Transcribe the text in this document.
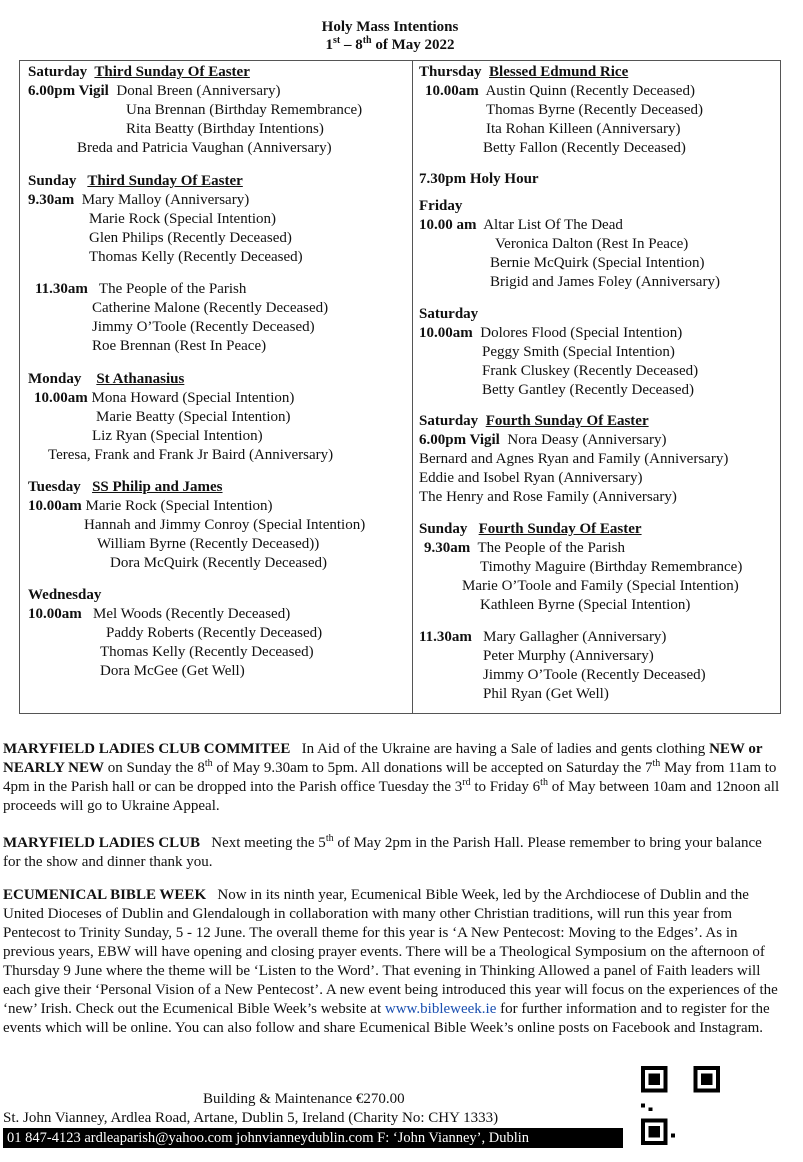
Holy Mass Intentions
1st – 8th of May 2022
Saturday Third Sunday Of Easter
6.00pm Vigil Donal Breen (Anniversary)
Una Brennan (Birthday Remembrance)
Rita Beatty (Birthday Intentions)
Breda and Patricia Vaughan (Anniversary)
Sunday Third Sunday Of Easter
9.30am Mary Malloy (Anniversary)
Marie Rock (Special Intention)
Glen Philips (Recently Deceased)
Thomas Kelly (Recently Deceased)
11.30am The People of the Parish
Catherine Malone (Recently Deceased)
Jimmy O’Toole (Recently Deceased)
Roe Brennan (Rest In Peace)
Monday St Athanasius
10.00am Mona Howard (Special Intention)
Marie Beatty (Special Intention)
Liz Ryan (Special Intention)
Teresa, Frank and Frank Jr Baird (Anniversary)
Tuesday SS Philip and James
10.00am Marie Rock (Special Intention)
Hannah and Jimmy Conroy (Special Intention)
William Byrne (Recently Deceased))
Dora McQuirk (Recently Deceased)
Wednesday
10.00am Mel Woods (Recently Deceased)
Paddy Roberts (Recently Deceased)
Thomas Kelly (Recently Deceased)
Dora McGee (Get Well)
Thursday Blessed Edmund Rice
10.00am Austin Quinn (Recently Deceased)
Thomas Byrne (Recently Deceased)
Ita Rohan Killeen (Anniversary)
Betty Fallon (Recently Deceased)
7.30pm Holy Hour
Friday
10.00 am Altar List Of The Dead
Veronica Dalton (Rest In Peace)
Bernie McQuirk (Special Intention)
Brigid and James Foley (Anniversary)
Saturday
10.00am Dolores Flood (Special Intention)
Peggy Smith (Special Intention)
Frank Cluskey (Recently Deceased)
Betty Gantley (Recently Deceased)
Saturday Fourth Sunday Of Easter
6.00pm Vigil Nora Deasy (Anniversary)
Bernard and Agnes Ryan and Family (Anniversary)
Eddie and Isobel Ryan (Anniversary)
The Henry and Rose Family (Anniversary)
Sunday Fourth Sunday Of Easter
9.30am The People of the Parish
Timothy Maguire (Birthday Remembrance)
Marie O’Toole and Family (Special Intention)
Kathleen Byrne (Special Intention)
11.30am Mary Gallagher (Anniversary)
Peter Murphy (Anniversary)
Jimmy O’Toole (Recently Deceased)
Phil Ryan (Get Well)
MARYFIELD LADIES CLUB COMMITEE   In Aid of the Ukraine are having a Sale of ladies and gents clothing NEW or NEARLY NEW on Sunday the 8th of May 9.30am to 5pm. All donations will be accepted on Saturday the 7th May from 11am to 4pm in the Parish hall or can be dropped into the Parish office Tuesday the 3rd to Friday 6th of May between 10am and 12noon all proceeds will go to Ukraine Appeal.
MARYFIELD LADIES CLUB   Next meeting the 5th of May 2pm in the Parish Hall. Please remember to bring your balance for the show and dinner thank you.
ECUMENICAL BIBLE WEEK   Now in its ninth year, Ecumenical Bible Week, led by the Archdiocese of Dublin and the United Dioceses of Dublin and Glendalough in collaboration with many other Christian traditions, will run this year from Pentecost to Trinity Sunday, 5 - 12 June. The overall theme for this year is ‘A New Pentecost: Moving to the Edges’. As in previous years, EBW will have opening and closing prayer events. There will be a Theological Symposium on the afternoon of Thursday 9 June where the theme will be ‘Listen to the Word’. That evening in Thinking Allowed a panel of Faith leaders will each give their ‘Personal Vision of a New Pentecost’. A new event being introduced this year will focus on the experiences of the ‘new’ Irish. Check out the Ecumenical Bible Week’s website at www.bibleweek.ie for further information and to register for the events which will be online. You can also follow and share Ecumenical Bible Week’s online posts on Facebook and Instagram.
Building & Maintenance €270.00
St. John Vianney, Ardlea Road, Artane, Dublin 5, Ireland (Charity No: CHY 1333)
01 847-4123 ardleaparish@yahoo.com johnvianneydublin.com F: ‘John Vianney’, Dublin
